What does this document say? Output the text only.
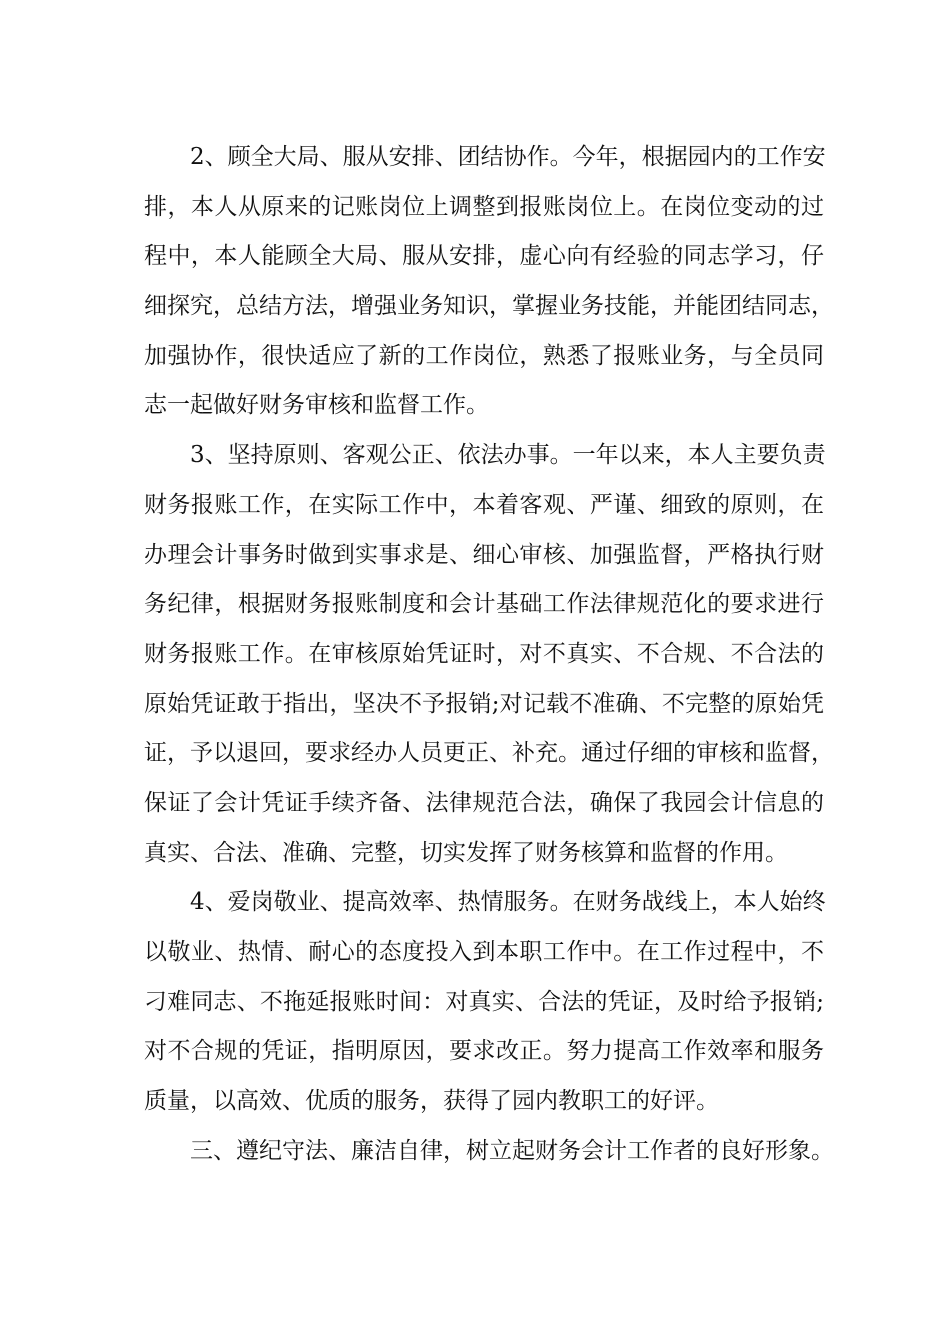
2、顾全大局、服从安排、团结协作。今年，根据园内的工作安
排，本人从原来的记账岗位上调整到报账岗位上。在岗位变动的过
程中，本人能顾全大局、服从安排，虚心向有经验的同志学习，仔
细探究，总结方法，增强业务知识，掌握业务技能，并能团结同志，
加强协作，很快适应了新的工作岗位，熟悉了报账业务，与全员同
志一起做好财务审核和监督工作。
3、坚持原则、客观公正、依法办事。一年以来，本人主要负责
财务报账工作，在实际工作中，本着客观、严谨、细致的原则，在
办理会计事务时做到实事求是、细心审核、加强监督，严格执行财
务纪律，根据财务报账制度和会计基础工作法律规范化的要求进行
财务报账工作。在审核原始凭证时，对不真实、不合规、不合法的
原始凭证敢于指出，坚决不予报销;对记载不准确、不完整的原始凭
证，予以退回，要求经办人员更正、补充。通过仔细的审核和监督，
保证了会计凭证手续齐备、法律规范合法，确保了我园会计信息的
真实、合法、准确、完整，切实发挥了财务核算和监督的作用。
4、爱岗敬业、提高效率、热情服务。在财务战线上，本人始终
以敬业、热情、耐心的态度投入到本职工作中。在工作过程中，不
刁难同志、不拖延报账时间：对真实、合法的凭证，及时给予报销;
对不合规的凭证，指明原因，要求改正。努力提高工作效率和服务
质量，以高效、优质的服务，获得了园内教职工的好评。
三、遵纪守法、廉洁自律，树立起财务会计工作者的良好形象。
